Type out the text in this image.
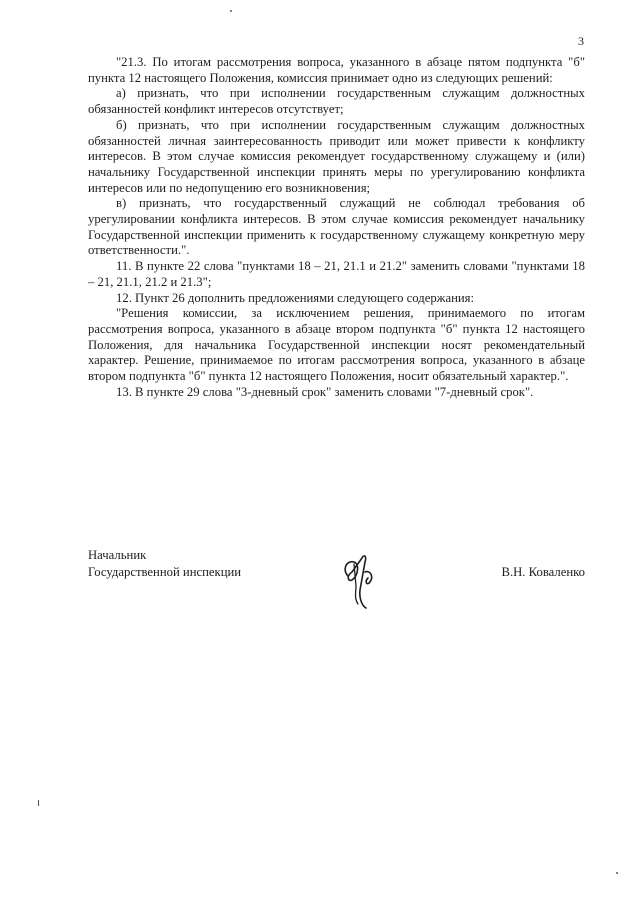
3

"21.3. По итогам рассмотрения вопроса, указанного в абзаце пятом подпункта "б" пункта 12 настоящего Положения, комиссия принимает одно из следующих решений:

а) признать, что при исполнении государственным служащим должностных обязанностей конфликт интересов отсутствует;

б) признать, что при исполнении государственным служащим должностных обязанностей личная заинтересованность приводит или может привести к конфликту интересов. В этом случае комиссия рекомендует государственному служащему и (или) начальнику Государственной инспекции принять меры по урегулированию конфликта интересов или по недопущению его возникновения;

в) признать, что государственный служащий не соблюдал требования об урегулировании конфликта интересов. В этом случае комиссия рекомендует начальнику Государственной инспекции применить к государственному служащему конкретную меру ответственности.".

11. В пункте 22 слова "пунктами 18 – 21, 21.1 и 21.2" заменить словами "пунктами 18 – 21, 21.1, 21.2 и 21.3";

12. Пункт 26 дополнить предложениями следующего содержания:

"Решения комиссии, за исключением решения, принимаемого по итогам рассмотрения вопроса, указанного в абзаце втором подпункта "б" пункта 12 настоящего Положения, для начальника Государственной инспекции носят рекомендательный характер. Решение, принимаемое по итогам рассмотрения вопроса, указанного в абзаце втором подпункта "б" пункта 12 настоящего Положения, носит обязательный характер.".

13. В пункте 29 слова "3-дневный срок" заменить словами "7-дневный срок".

Начальник
Государственной инспекции	В.Н. Коваленко
